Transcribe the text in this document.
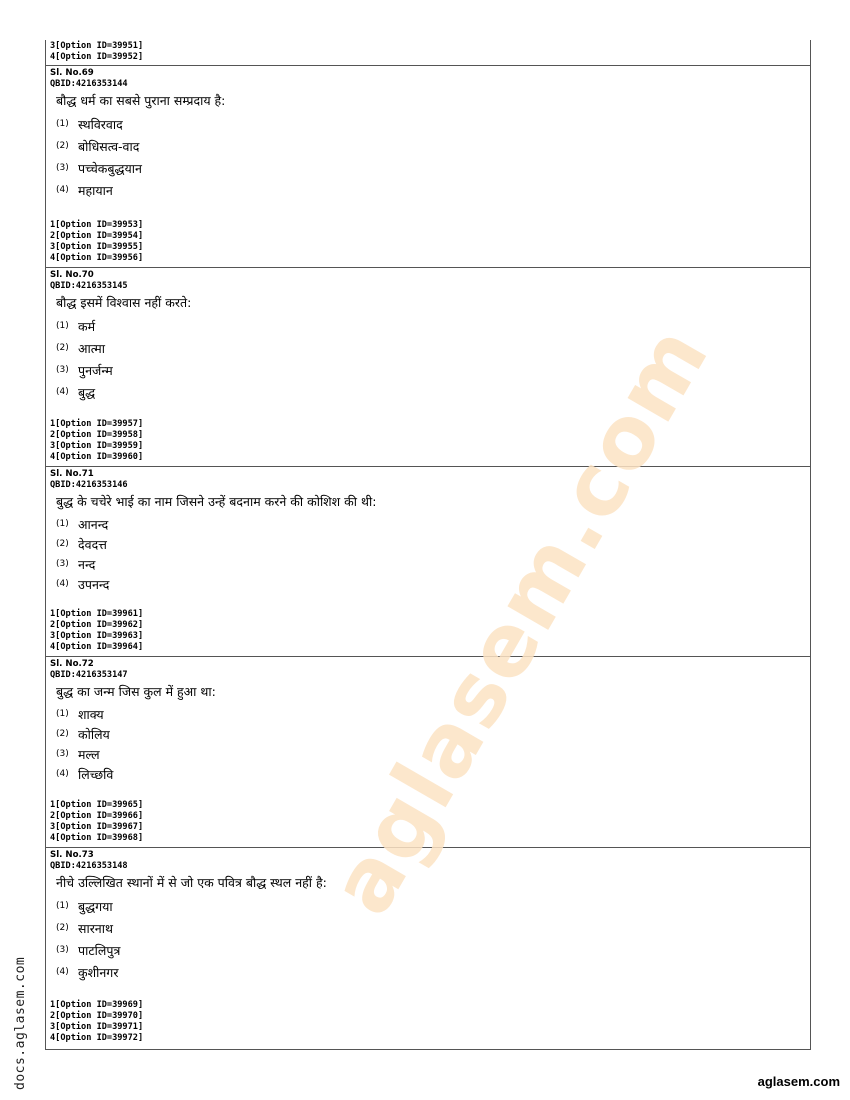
3[Option ID=39951]
4[Option ID=39952]
Sl. No.69
QBID:4216353144
बौद्ध धर्म का सबसे पुराना सम्प्रदाय है:
(1) स्थविरवाद
(2) बोधिसत्व-वाद
(3) पच्चेकबुद्धयान
(4) महायान
1[Option ID=39953]
2[Option ID=39954]
3[Option ID=39955]
4[Option ID=39956]
Sl. No.70
QBID:4216353145
बौद्ध इसमें विश्वास नहीं करते:
(1) कर्म
(2) आत्मा
(3) पुनर्जन्म
(4) बुद्ध
1[Option ID=39957]
2[Option ID=39958]
3[Option ID=39959]
4[Option ID=39960]
Sl. No.71
QBID:4216353146
बुद्ध के चचेरे भाई का नाम जिसने उन्हें बदनाम करने की कोशिश की थी:
(1) आनन्द
(2) देवदत्त
(3) नन्द
(4) उपनन्द
1[Option ID=39961]
2[Option ID=39962]
3[Option ID=39963]
4[Option ID=39964]
Sl. No.72
QBID:4216353147
बुद्ध का जन्म जिस कुल में हुआ था:
(1) शाक्य
(2) कोलिय
(3) मल्ल
(4) लिच्छवि
1[Option ID=39965]
2[Option ID=39966]
3[Option ID=39967]
4[Option ID=39968]
Sl. No.73
QBID:4216353148
नीचे उल्लिखित स्थानों में से जो एक पवित्र बौद्ध स्थल नहीं है:
(1) बुद्धगया
(2) सारनाथ
(3) पाटलिपुत्र
(4) कुशीनगर
1[Option ID=39969]
2[Option ID=39970]
3[Option ID=39971]
4[Option ID=39972]
aglasem.com
docs.aglasem.com	aglasem.com
